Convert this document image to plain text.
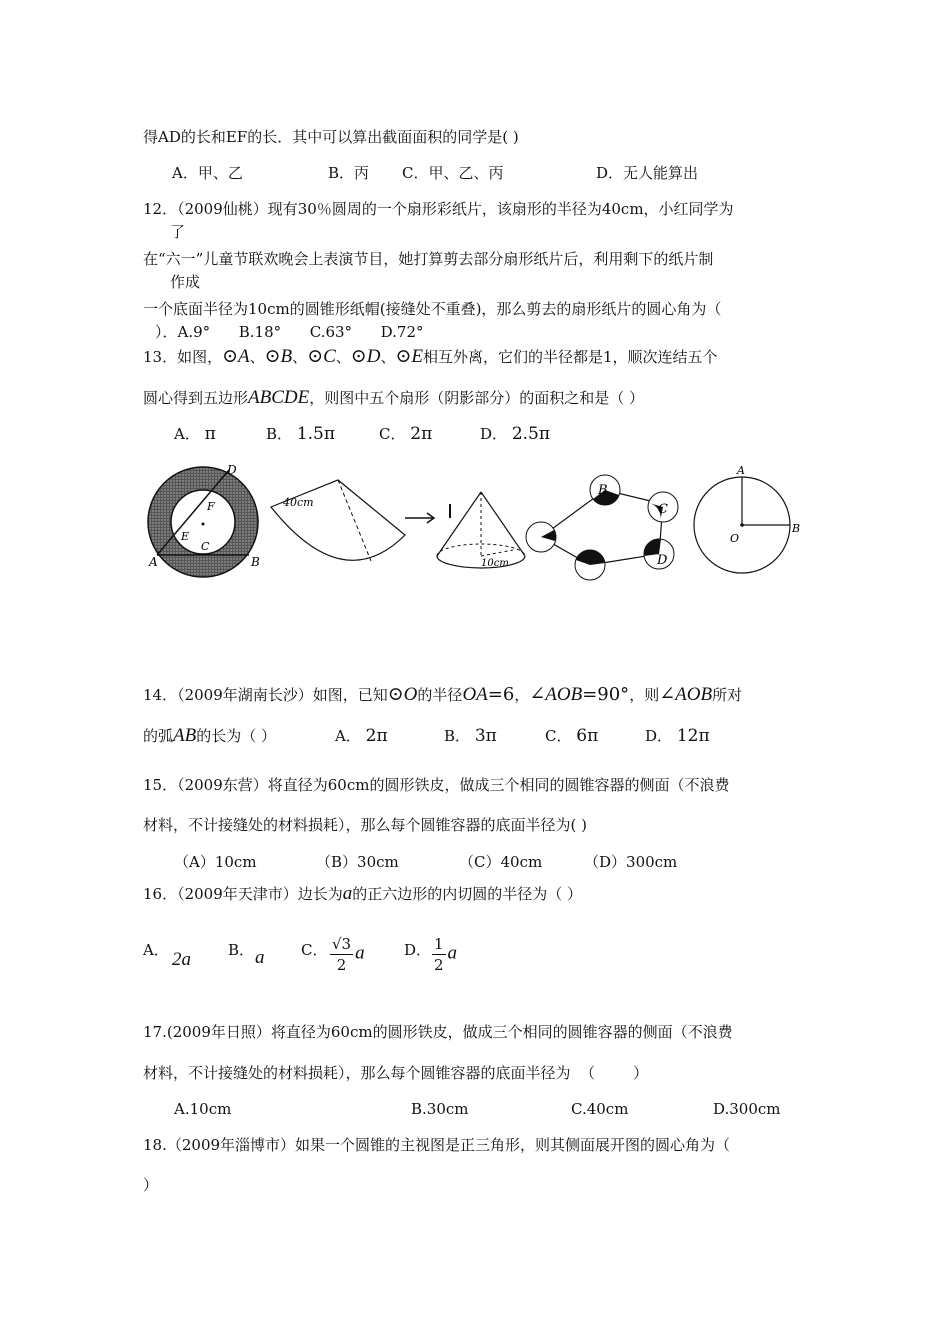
得AD的长和EF的长．其中可以算出截面面积的同学是( )
A．甲、乙	B．丙 C．甲、乙、丙	D．无人能算出
12．（2009仙桃）现有30％圆周的一个扇形彩纸片，该扇形的半径为40cm，小红同学为
了
在“六一”儿童节联欢晚会上表演节目，她打算剪去部分扇形纸片后，利用剩下的纸片制
作成
一个底面半径为10cm的圆锥形纸帽(接缝处不重叠)，那么剪去的扇形纸片的圆心角为（
）．A.9°      B.18°      C.63°      D.72°
13．如图，⊙A、⊙B、⊙C、⊙D、⊙E相互外离，它们的半径都是1，顺次连结五个
圆心得到五边形ABCDE，则图中五个扇形（阴影部分）的面积之和是（ ）
A． π	B． 1.5π	C． 2π	D． 2.5π
D
F
E
C
A	B
40cm
10cm
B
C
D
A
B
O
14．（2009年湖南长沙）如图，已知⊙O的半径OA=6，∠AOB=90°，则∠AOB所对
的弧AB的长为（ ）	A． 2π	B． 3π	C． 6π	D． 12π
15．（2009东营）将直径为60cm的圆形铁皮，做成三个相同的圆锥容器的侧面（不浪费
材料，不计接缝处的材料损耗），那么每个圆锥容器的底面半径为( )
（A）10cm	（B）30cm	（C）40cm	（D）300cm
16．（2009年天津市）边长为a的正六边形的内切圆的半径为（ ）
A． 2a B． a C． $\frac{√3}{2}$ a	D． $\frac{1}{2}$ a
17.(2009年日照）将直径为60cm的圆形铁皮，做成三个相同的圆锥容器的侧面（不浪费
材料，不计接缝处的材料损耗），那么每个圆锥容器的底面半径为  （        ）
A.10cm	B.30cm	C.40cm	D.300cm
18.（2009年淄博市）如果一个圆锥的主视图是正三角形，则其侧面展开图的圆心角为（
）
